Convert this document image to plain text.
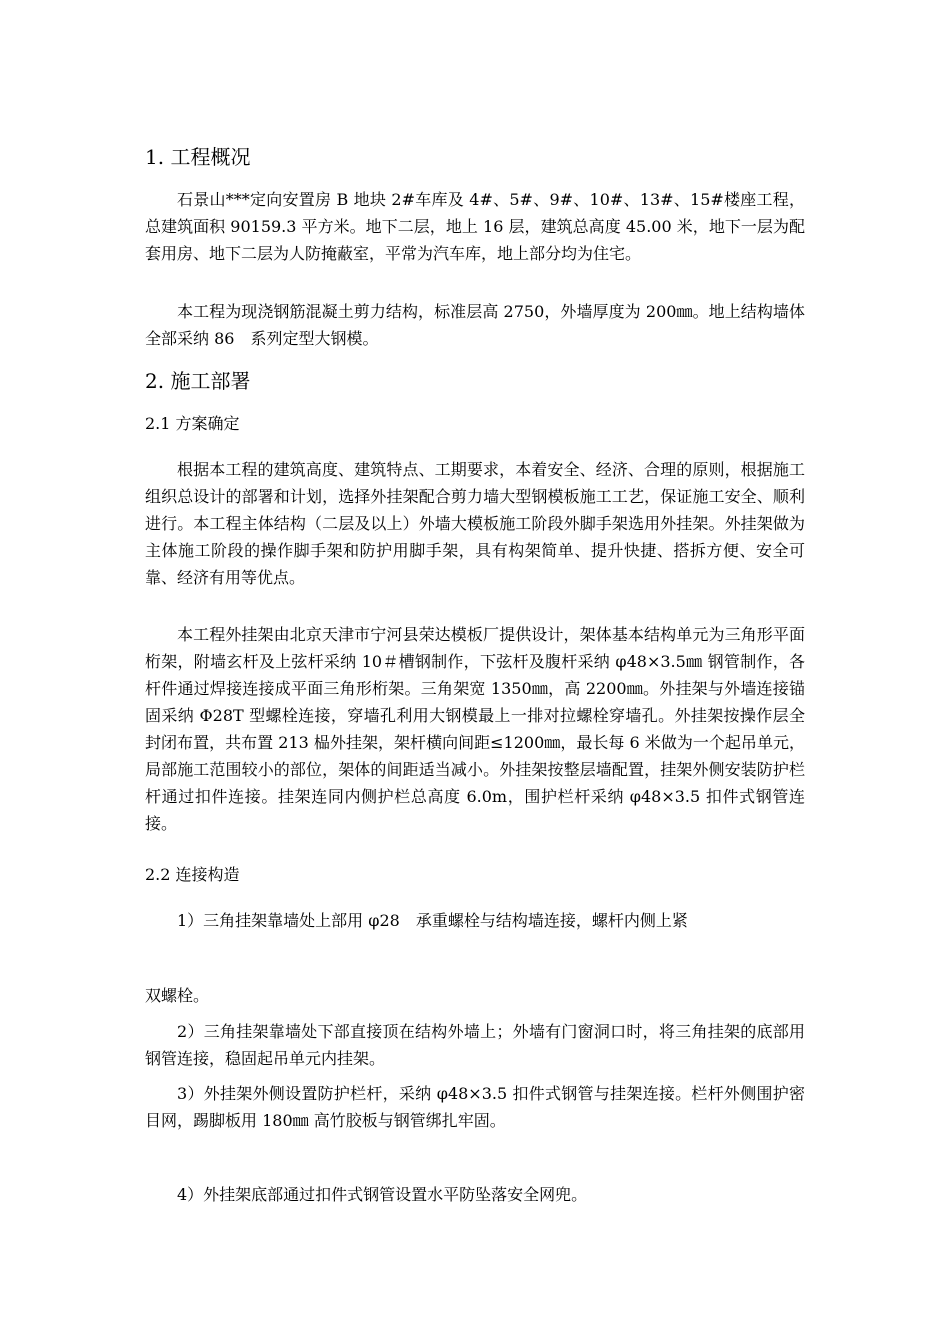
1. 工程概况

石景山***定向安置房 B 地块 2#车库及 4#、5#、9#、10#、13#、15#楼座工程，总建筑面积 90159.3 平方米。地下二层，地上 16 层，建筑总高度 45.00 米，地下一层为配套用房、地下二层为人防掩蔽室，平常为汽车库，地上部分均为住宅。

本工程为现浇钢筋混凝土剪力结构，标准层高 2750，外墙厚度为 200㎜。地上结构墙体全部采纳 86　系列定型大钢模。

2. 施工部署
2.1 方案确定

根据本工程的建筑高度、建筑特点、工期要求，本着安全、经济、合理的原则，根据施工组织总设计的部署和计划，选择外挂架配合剪力墙大型钢模板施工工艺，保证施工安全、顺利进行。本工程主体结构（二层及以上）外墙大模板施工阶段外脚手架选用外挂架。外挂架做为主体施工阶段的操作脚手架和防护用脚手架，具有构架简单、提升快捷、搭拆方便、安全可靠、经济有用等优点。

本工程外挂架由北京天津市宁河县荣达模板厂提供设计，架体基本结构单元为三角形平面桁架，附墙玄杆及上弦杆采纳 10＃槽钢制作，下弦杆及腹杆采纳 φ48×3.5㎜ 钢管制作，各杆件通过焊接连接成平面三角形桁架。三角架宽 1350㎜，高 2200㎜。外挂架与外墙连接锚固采纳 Φ28T 型螺栓连接，穿墙孔利用大钢模最上一排对拉螺栓穿墙孔。外挂架按操作层全封闭布置，共布置 213 榀外挂架，架杆横向间距≤1200㎜，最长每 6 米做为一个起吊单元，局部施工范围较小的部位，架体的间距适当减小。外挂架按整层墙配置，挂架外侧安装防护栏杆通过扣件连接。挂架连同内侧护栏总高度 6.0m，围护栏杆采纳 φ48×3.5 扣件式钢管连接。

2.2 连接构造
1）三角挂架靠墙处上部用 φ28　承重螺栓与结构墙连接，螺杆内侧上紧
双螺栓。

2）三角挂架靠墙处下部直接顶在结构外墙上；外墙有门窗洞口时，将三角挂架的底部用钢管连接，稳固起吊单元内挂架。

3）外挂架外侧设置防护栏杆，采纳 φ48×3.5 扣件式钢管与挂架连接。栏杆外侧围护密目网，踢脚板用 180㎜ 高竹胶板与钢管绑扎牢固。

4）外挂架底部通过扣件式钢管设置水平防坠落安全网兜。
